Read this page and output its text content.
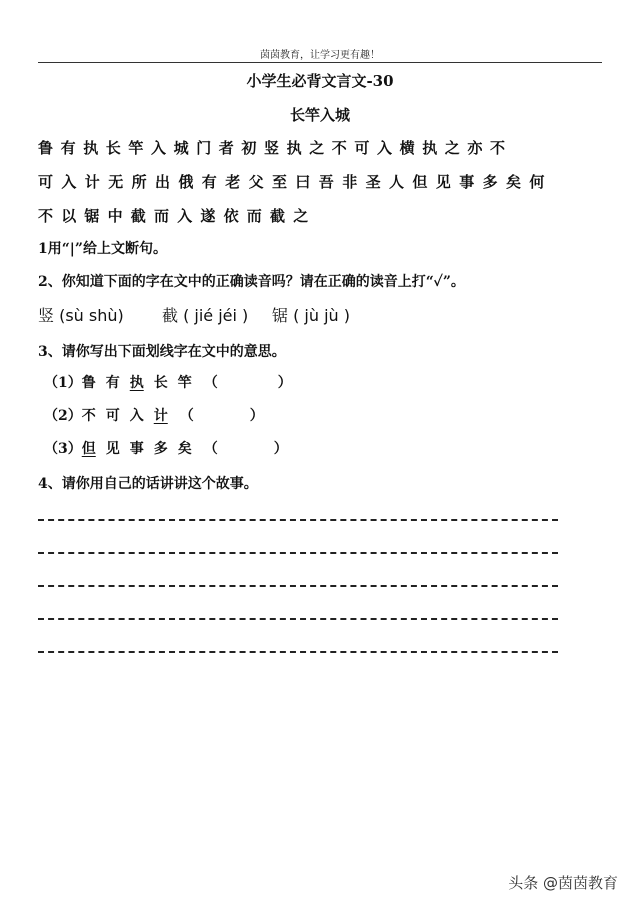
茵茵教育，让学习更有趣！
小学生必背文言文-30
长竿入城
鲁有执长竿入城门者初竖执之不可入横执之亦不
可入计无所出俄有老父至曰吾非圣人但见事多矣何
不以锯中截而入遂依而截之
1用“|”给上文断句。
2、你知道下面的字在文中的正确读音吗？请在正确的读音上打“✓”。
竖 (sù shù) 截 ( jié jéi ) 锯 ( jù jù )
3、请你写出下面划线字在文中的意思。
（1）鲁 有 执 长 竿 （	）
（2）不 可 入 计 （	）
（3）但 见 事 多 矣 （	）
4、请你用自己的话讲讲这个故事。
头条 @茵茵教育
